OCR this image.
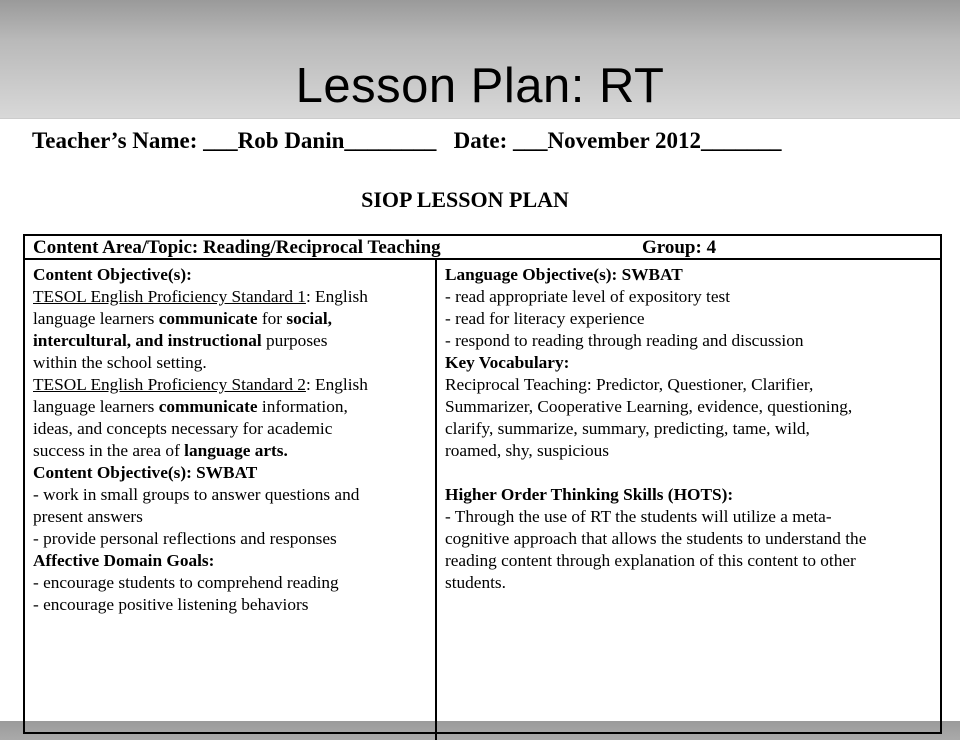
Lesson Plan: RT
Teacher’s Name: ___Rob Danin________   Date: ___November 2012_______
SIOP LESSON PLAN
Content Area/Topic: Reading/Reciprocal Teaching	Group: 4
Content Objective(s):
TESOL English Proficiency Standard 1: English
language learners communicate for social,
intercultural, and instructional purposes
within the school setting.
TESOL English Proficiency Standard 2: English
language learners communicate information,
ideas, and concepts necessary for academic
success in the area of language arts.
Content Objective(s): SWBAT
- work in small groups to answer questions and
present answers
- provide personal reflections and responses
Affective Domain Goals:
- encourage students to comprehend reading
- encourage positive listening behaviors
Language Objective(s): SWBAT
- read appropriate level of expository test
- read for literacy experience
- respond to reading through reading and discussion
Key Vocabulary:
Reciprocal Teaching: Predictor, Questioner, Clarifier,
Summarizer, Cooperative Learning, evidence, questioning,
clarify, summarize, summary, predicting, tame, wild,
roamed, shy, suspicious
Higher Order Thinking Skills (HOTS):
- Through the use of RT the students will utilize a meta-
cognitive approach that allows the students to understand the
reading content through explanation of this content to other
students.
